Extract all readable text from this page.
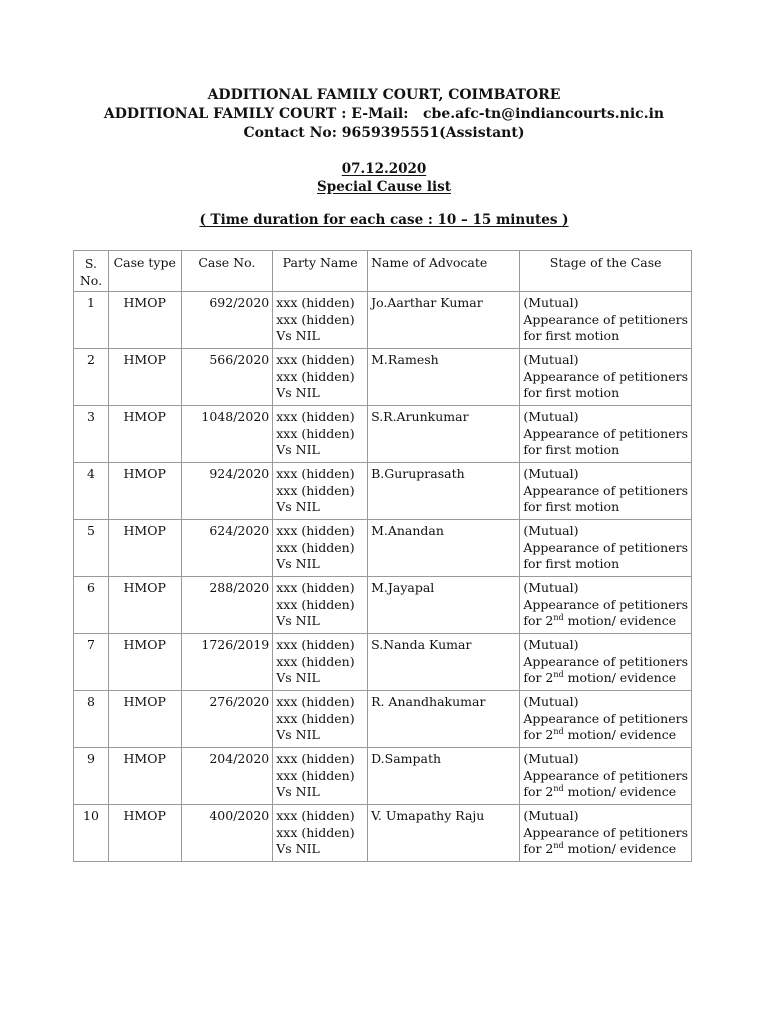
ADDITIONAL FAMILY COURT, COIMBATORE
ADDITIONAL FAMILY COURT : E-Mail: cbe.afc-tn@indiancourts.nic.in
Contact No: 9659395551(Assistant)
07.12.2020
Special Cause list
( Time duration for each case : 10 – 15 minutes )
S. No.	Case type	Case No.	Party Name	Name of Advocate	Stage of the Case
1	HMOP	692/2020	xxx (hidden)
xxx (hidden)
Vs NIL	Jo.Aarthar Kumar	(Mutual)
Appearance of petitioners
for first motion

2	HMOP	566/2020	xxx (hidden)
xxx (hidden)
Vs NIL	M.Ramesh	(Mutual)
Appearance of petitioners
for first motion

3	HMOP	1048/2020	xxx (hidden)
xxx (hidden)
Vs NIL	S.R.Arunkumar	(Mutual)
Appearance of petitioners
for first motion

4	HMOP	924/2020	xxx (hidden)
xxx (hidden)
Vs NIL	B.Guruprasath	(Mutual)
Appearance of petitioners
for first motion

5	HMOP	624/2020	xxx (hidden)
xxx (hidden)
Vs NIL	M.Anandan	(Mutual)
Appearance of petitioners
for first motion

6	HMOP	288/2020	xxx (hidden)
xxx (hidden)
Vs NIL	M.Jayapal	(Mutual)
Appearance of petitioners
for 2nd motion/ evidence

7	HMOP	1726/2019	xxx (hidden)
xxx (hidden)
Vs NIL	S.Nanda Kumar	(Mutual)
Appearance of petitioners
for 2nd motion/ evidence

8	HMOP	276/2020	xxx (hidden)
xxx (hidden)
Vs NIL	R. Anandhakumar	(Mutual)
Appearance of petitioners
for 2nd motion/ evidence

9	HMOP	204/2020	xxx (hidden)
xxx (hidden)
Vs NIL	D.Sampath	(Mutual)
Appearance of petitioners
for 2nd motion/ evidence

10	HMOP	400/2020	xxx (hidden)
xxx (hidden)
Vs NIL	V. Umapathy Raju	(Mutual)
Appearance of petitioners
for 2nd motion/ evidence
